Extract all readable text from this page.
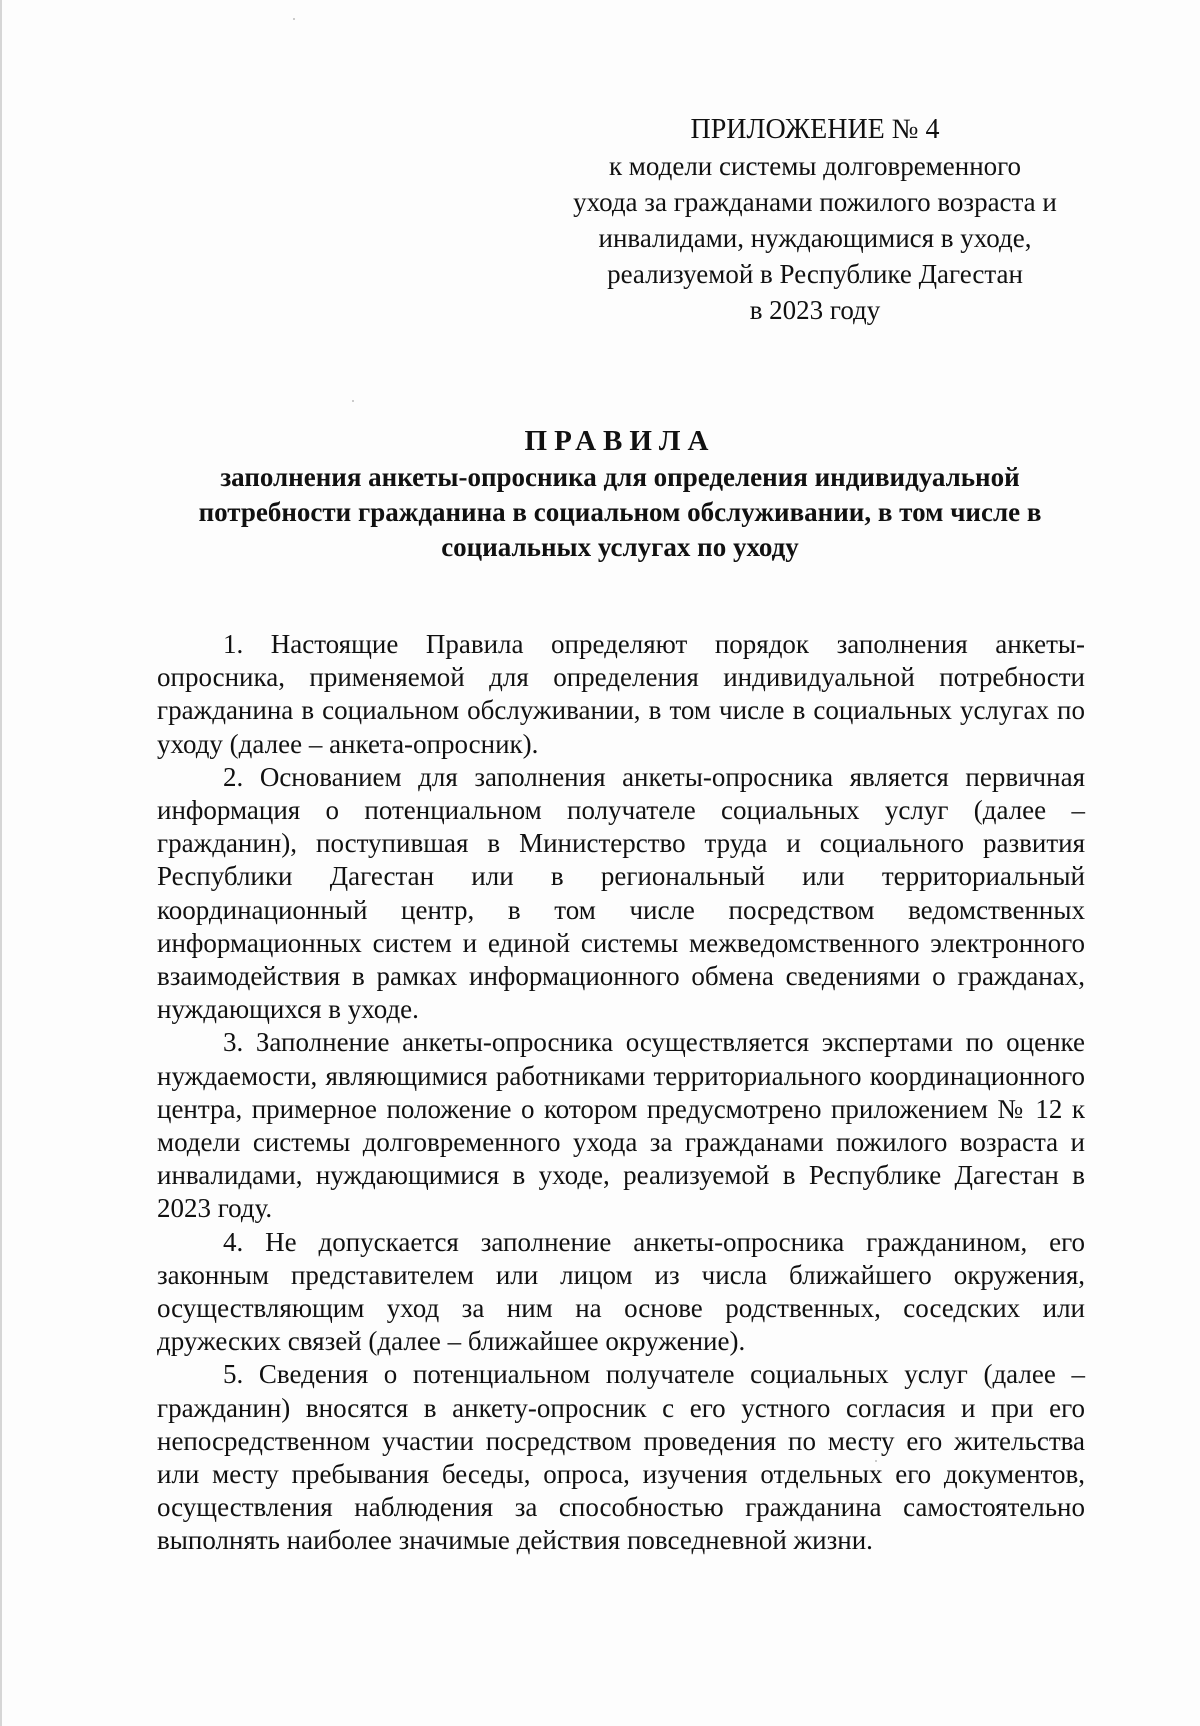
ПРИЛОЖЕНИЕ № 4
к модели системы долговременного
ухода за гражданами пожилого возраста и
инвалидами, нуждающимися в уходе,
реализуемой в Республике Дагестан
в 2023 году
ПРАВИЛА
заполнения анкеты-опросника для определения индивидуальной
потребности гражданина в социальном обслуживании, в том числе в
социальных услугах по уходу

1. Настоящие Правила определяют порядок заполнения анкеты-опросника, применяемой для определения индивидуальной потребности гражданина в социальном обслуживании, в том числе в социальных услугах по уходу (далее – анкета-опросник).

2. Основанием для заполнения анкеты-опросника является первичная информация о потенциальном получателе социальных услуг (далее – гражданин), поступившая в Министерство труда и социального развития Республики Дагестан или в региональный или территориальный координационный центр, в том числе посредством ведомственных информационных систем и единой системы межведомственного электронного взаимодействия в рамках информационного обмена сведениями о гражданах, нуждающихся в уходе.

3. Заполнение анкеты-опросника осуществляется экспертами по оценке нуждаемости, являющимися работниками территориального координационного центра, примерное положение о котором предусмотрено приложением № 12 к модели системы долговременного ухода за гражданами пожилого возраста и инвалидами, нуждающимися в уходе, реализуемой в Республике Дагестан в 2023 году.

4. Не допускается заполнение анкеты-опросника гражданином, его законным представителем или лицом из числа ближайшего окружения, осуществляющим уход за ним на основе родственных, соседских или дружеских связей (далее – ближайшее окружение).

5. Сведения о потенциальном получателе социальных услуг (далее – гражданин) вносятся в анкету-опросник с его устного согласия и при его непосредственном участии посредством проведения по месту его жительства или месту пребывания беседы, опроса, изучения отдельных его документов, осуществления наблюдения за способностью гражданина самостоятельно выполнять наиболее значимые действия повседневной жизни.
